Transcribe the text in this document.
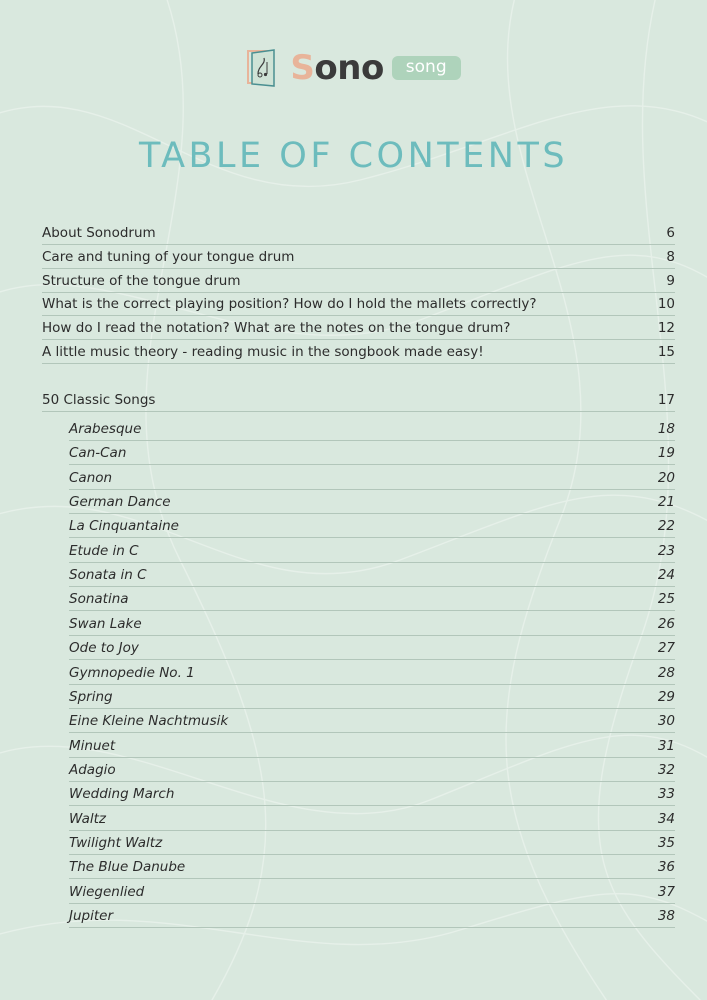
Sono	song
TABLE OF CONTENTS
About Sonodrum	6
Care and tuning of your tongue drum	8
Structure of the tongue drum	9
What is the correct playing position? How do I hold the mallets correctly?	10
How do I read the notation? What are the notes on the tongue drum?	12
A little music theory - reading music in the songbook made easy!	15
50 Classic Songs	17
Arabesque	18
Can-Can	19
Canon	20
German Dance	21
La Cinquantaine	22
Etude in C	23
Sonata in C	24
Sonatina	25
Swan Lake	26
Ode to Joy	27
Gymnopedie No. 1	28
Spring	29
Eine Kleine Nachtmusik	30
Minuet	31
Adagio	32
Wedding March	33
Waltz	34
Twilight Waltz	35
The Blue Danube	36
Wiegenlied	37
Jupiter	38
